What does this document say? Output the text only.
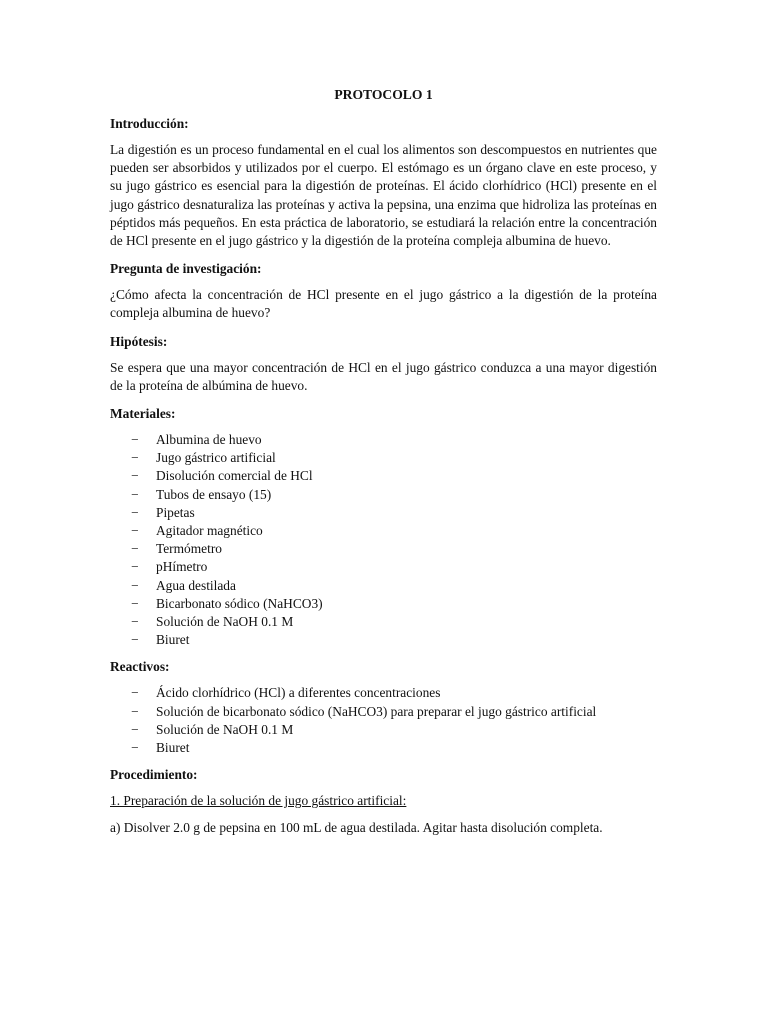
PROTOCOLO 1
Introducción:
La digestión es un proceso fundamental en el cual los alimentos son descompuestos en nutrientes que pueden ser absorbidos y utilizados por el cuerpo. El estómago es un órgano clave en este proceso, y su jugo gástrico es esencial para la digestión de proteínas. El ácido clorhídrico (HCl) presente en el jugo gástrico desnaturaliza las proteínas y activa la pepsina, una enzima que hidroliza las proteínas en péptidos más pequeños. En esta práctica de laboratorio, se estudiará la relación entre la concentración de HCl presente en el jugo gástrico y la digestión de la proteína compleja albumina de huevo.
Pregunta de investigación:
¿Cómo afecta la concentración de HCl presente en el jugo gástrico a la digestión de la proteína compleja albumina de huevo?
Hipótesis:
Se espera que una mayor concentración de HCl en el jugo gástrico conduzca a una mayor digestión de la proteína de albúmina de huevo.
Materiales:
− Albumina de huevo
− Jugo gástrico artificial
− Disolución comercial de HCl
− Tubos de ensayo (15)
− Pipetas
− Agitador magnético
− Termómetro
− pHímetro
− Agua destilada
− Bicarbonato sódico (NaHCO3)
− Solución de NaOH 0.1 M
− Biuret
Reactivos:
− Ácido clorhídrico (HCl) a diferentes concentraciones
− Solución de bicarbonato sódico (NaHCO3) para preparar el jugo gástrico artificial
− Solución de NaOH 0.1 M
− Biuret
Procedimiento:
1. Preparación de la solución de jugo gástrico artificial:
a) Disolver 2.0 g de pepsina en 100 mL de agua destilada. Agitar hasta disolución completa.
